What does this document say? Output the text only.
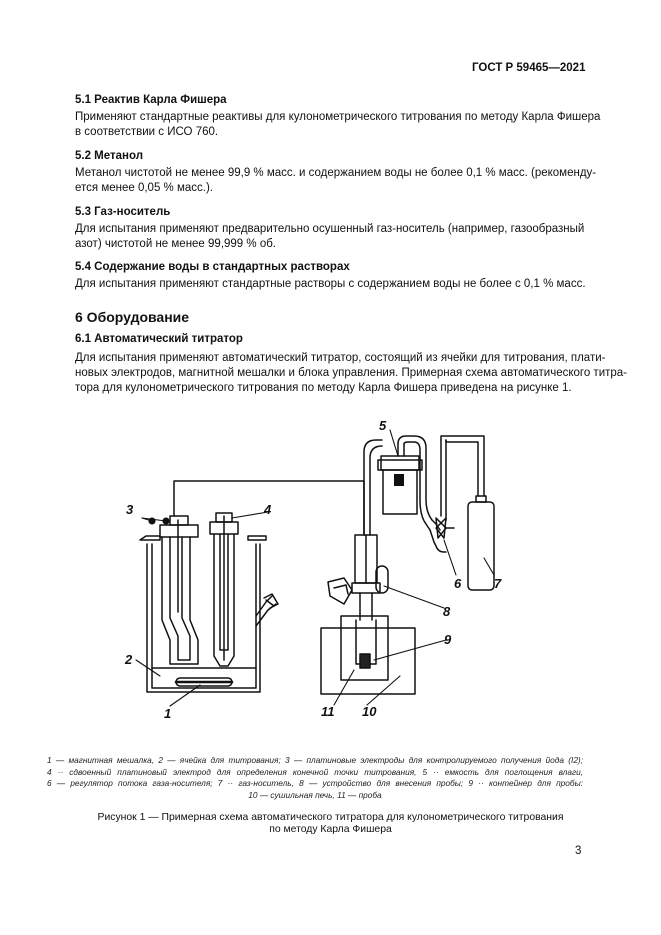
ГОСТ Р 59465—2021
5.1 Реактив Карла Фишера
Применяют стандартные реактивы для кулонометрического титрования по методу Карла Фишера
в соответствии с ИСО 760.
5.2 Метанол
Метанол чистотой не менее 99,9 % масс. и содержанием воды не более 0,1 % масс. (рекоменду-
ется менее 0,05 % масс.).
5.3 Газ-носитель
Для испытания применяют предварительно осушенный газ-носитель (например, газообразный
азот) чистотой не менее 99,999 % об.
5.4 Содержание воды в стандартных растворах
Для испытания применяют стандартные растворы с содержанием воды не более с 0,1 % масс.
6 Оборудование
6.1 Автоматический титратор
Для испытания применяют автоматический титратор, состоящий из ячейки для титрования, плати-
новых электродов, магнитной мешалки и блока управления. Примерная схема автоматического титра-
тора для кулонометрического титрования по методу Карла Фишера приведена на рисунке 1.
3	4
2
1
5
6	7
8
9
10
11
1 — магнитная мешалка, 2 — ячейка для титрования; 3 — платиновые электроды для контролируемого получения йода (I2);
4 ·· сдвоенный платиновый электрод для определения конечной точки титрования, 5 ·· емкость для поглощения влаги,
6 — регулятор потока газа-носителя; 7 ·· газ-носитель, 8 — устройство для внесения пробы; 9 ·· контейнер для пробы:
10 — сушильная печь, 11 — проба
Рисунок 1 — Примерная схема автоматического титратора для кулонометрического титрования
по методу Карла Фишера
3
